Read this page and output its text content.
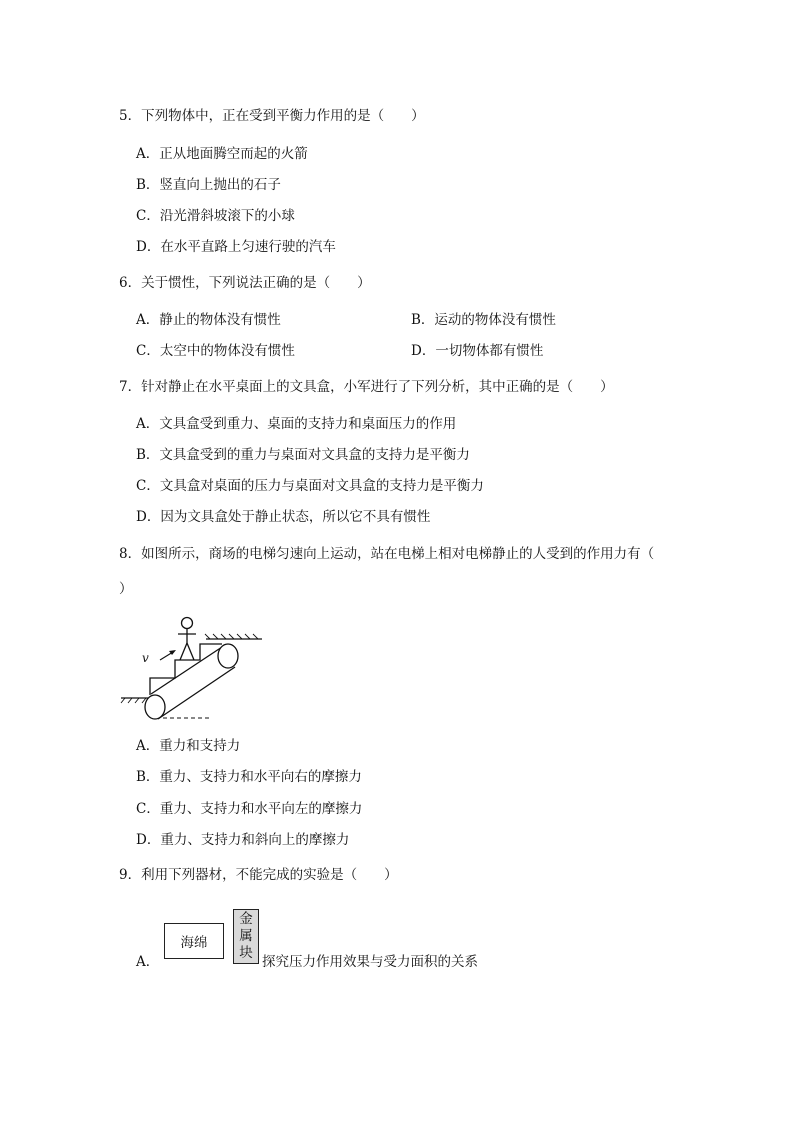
5．下列物体中，正在受到平衡力作用的是（　　）
A．正从地面腾空而起的火箭
B．竖直向上抛出的石子
C．沿光滑斜坡滚下的小球
D．在水平直路上匀速行驶的汽车
6．关于惯性，下列说法正确的是（　　）
A．静止的物体没有惯性	B．运动的物体没有惯性
C．太空中的物体没有惯性	D．一切物体都有惯性
7．针对静止在水平桌面上的文具盒，小军进行了下列分析，其中正确的是（　　）
A．文具盒受到重力、桌面的支持力和桌面压力的作用
B．文具盒受到的重力与桌面对文具盒的支持力是平衡力
C．文具盒对桌面的压力与桌面对文具盒的支持力是平衡力
D．因为文具盒处于静止状态，所以它不具有惯性
8．如图所示，商场的电梯匀速向上运动，站在电梯上相对电梯静止的人受到的作用力有（
）
v
A．重力和支持力
B．重力、支持力和水平向右的摩擦力
C．重力、支持力和水平向左的摩擦力
D．重力、支持力和斜向上的摩擦力
9．利用下列器材，不能完成的实验是（　　）
A．
海绵
金
属
块
探究压力作用效果与受力面积的关系
